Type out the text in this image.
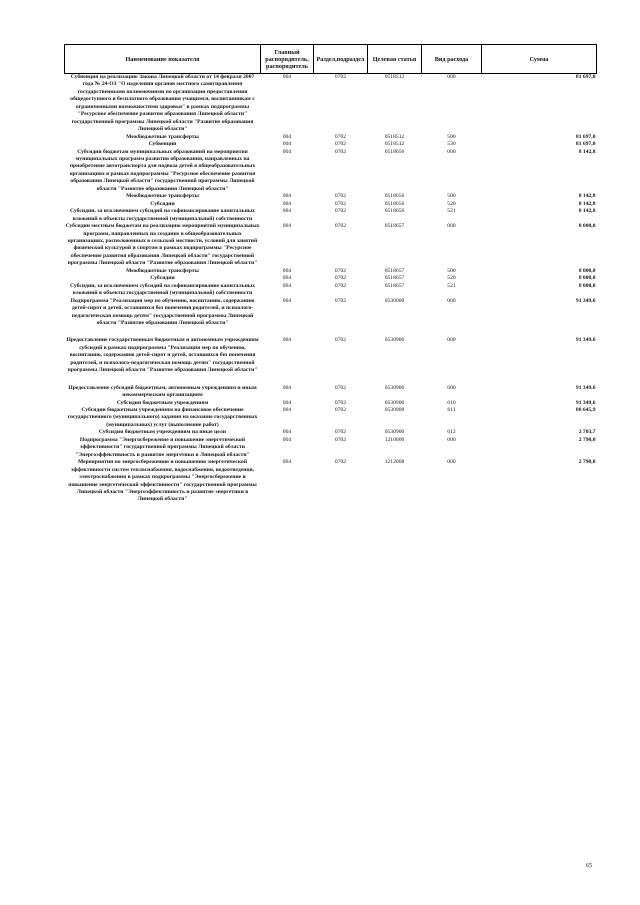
Наименование показателя	Главный распорядитель, распорядитель	Раздел,подраздел	Целевая статья	Вид расхода	Сумма
Субвенция на реализацию Закона Липецкой области от 14 февраля 2007 года № 24-ОЗ "О наделении органов местного самоуправления государственными полномочиями по организации предоставления общедоступного и бесплатного образования учащимся, воспитанникам с ограниченными возможностями здоровья" в рамках подпрограммы "Ресурсное обеспечение развития образования Липецкой области" государственной программы Липецкой области "Развитие образования Липецкой области"	004	0702	0518512	000	81 697,0
Межбюджетные трансферты	004	0702	0518512	500	81 697,0
Субвенции	004	0702	0518512	530	81 697,0
Субсидии бюджетам муниципальных образований на мероприятия муниципальных программ развития образования, направленных на приобретение автотранспорта для подвоза детей в общеобразовательных организациях в рамках подпрограммы "Ресурсное обеспечение развития образования Липецкой области" государственной программы Липецкой области "Развитие образования Липецкой области"	004	0702	0518656	000	8 142,8
Межбюджетные трансферты	004	0702	0518656	500	8 142,8
Субсидии	004	0702	0518656	520	8 142,8
Субсидии, за исключением субсидий на софинансирование капитальных вложений в объекты государственной (муниципальной) собственности	004	0702	0518656	521	8 142,8
Субсидии местным бюджетам на реализацию мероприятий муниципальных программ, направленных на создание в общеобразовательных организациях, расположенных в сельской местности, условий для занятий физической культурой и спортом в рамках подпрограммы "Ресурсное обеспечение развития образования Липецкой области" государственной программы Липецкой области "Развитие образования Липецкой области"	004	0702	0518657	000	8 000,0
Межбюджетные трансферты	004	0702	0518657	500	8 000,0
Субсидии	004	0702	0518657	520	8 000,0
Субсидии, за исключением субсидий на софинансирование капитальных вложений в объекты государственной (муниципальной) собственности	004	0702	0518657	521	8 000,0
Подпрограмма "Реализация мер по обучению, воспитанию, содержанию детей-сирот и детей, оставшихся без попечения родителей, и психолого-педагогическая помощь детям" государственной программы Липецкой области "Развитие образования Липецкой области"	004	0702	0530000	000	91 349,6

Предоставление государственным бюджетным и автономным учреждениям субсидий в рамках подпрограммы "Реализация мер по обучению, воспитанию, содержанию детей-сирот и детей, оставшихся без попечения родителей, и психолого-педагогическая помощь детям" государственной программы Липецкой области "Развитие образования Липецкой области"	004	0702	0530900	000	91 349,6

Предоставление субсидий бюджетным, автономным учреждениям и иным некоммерческим организациям	004	0702	0530900	600	91 349,6
Субсидии бюджетным учреждениям	004	0702	0530900	610	91 349,6
Субсидии бюджетным учреждениям на финансовое обеспечение государственного (муниципального) задания на оказание государственных (муниципальных) услуг (выполнение работ)	004	0702	0530900	611	88 645,9
Субсидии бюджетным учреждениям на иные цели	004	0702	0530900	612	2 703,7
Подпрограмма "Энергосбережение и повышение энергетической эффективности" государственной программы Липецкой области "Энергоэффективность и развитие энергетики в Липецкой области"	004	0702	1210000	000	2 790,0
Мероприятия по энергосбережению и повышению энергетической эффективности систем теплоснабжения, водоснабжения, водоотведения, электроснабжения в рамках подпрограммы "Энергосбережение и повышение энергетической эффективности" государственной программы Липецкой области "Энергоэффективность и развитие энергетики в Липецкой области"	004	0702	1212008	000	2 790,0
65
